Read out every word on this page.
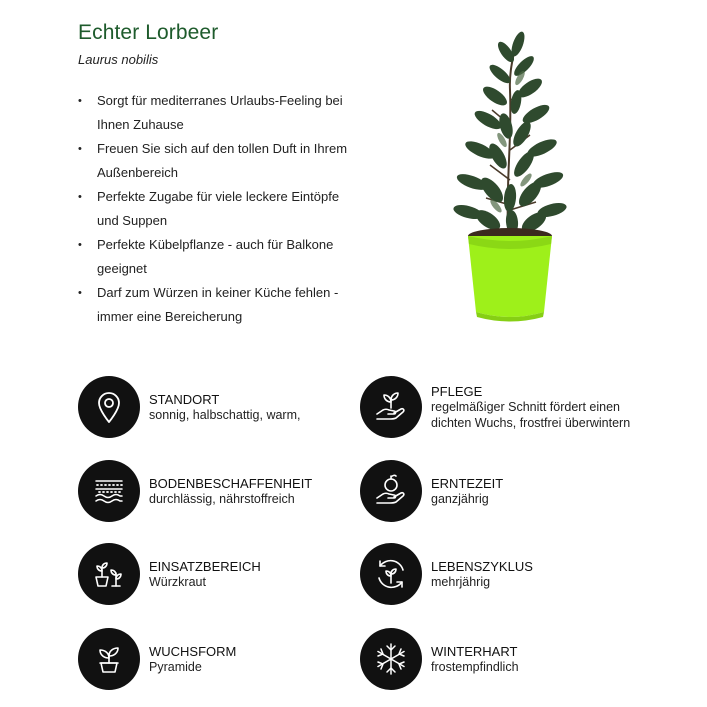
Echter Lorbeer
Laurus nobilis
• Sorgt für mediterranes Urlaubs-Feeling bei Ihnen Zuhause
• Freuen Sie sich auf den tollen Duft in Ihrem Außenbereich
• Perfekte Zugabe für viele leckere Eintöpfe und Suppen
• Perfekte Kübelpflanze - auch für Balkone geeignet
• Darf zum Würzen in keiner Küche fehlen - immer eine Bereicherung
STANDORT
sonnig, halbschattig, warm,
PFLEGE
regelmäßiger Schnitt fördert einen dichten Wuchs, frostfrei überwintern
BODENBESCHAFFENHEIT
durchlässig, nährstoffreich
ERNTEZEIT
ganzjährig
EINSATZBEREICH
Würzkraut
LEBENSZYKLUS
mehrjährig
WUCHSFORM
Pyramide
WINTERHART
frostempfindlich
